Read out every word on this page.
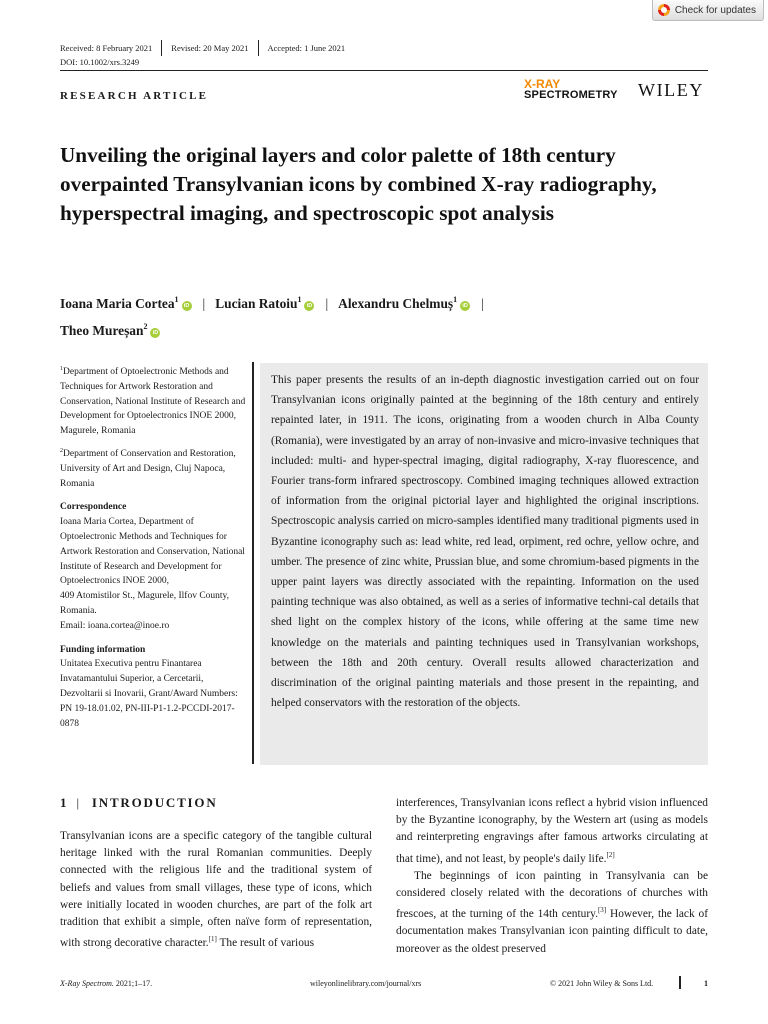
Check for updates
Received: 8 February 2021 Revised: 20 May 2021 Accepted: 1 June 2021
DOI: 10.1002/xrs.3249
RESEARCH ARTICLE
X-RAY
SPECTROMETRY WILEY
Unveiling the original layers and color palette of 18th century overpainted Transylvanian icons by combined X-ray radiography, hyperspectral imaging, and spectroscopic spot analysis
Ioana Maria Cortea$^1$iD | Lucian Ratoiu$^1$iD | Alexandru Chelmuș$^1$iD |
Theo Mureșan$^2$iD

$^1$Department of Optoelectronic Methods and Techniques for Artwork Restoration and Conservation, National Institute of Research and Development for Optoelectronics INOE 2000, Magurele, Romania

$^2$Department of Conservation and Restoration, University of Art and Design, Cluj Napoca, Romania

Correspondence

Ioana Maria Cortea, Department of Optoelectronic Methods and Techniques for Artwork Restoration and Conservation, National Institute of Research and Development for Optoelectronics INOE 2000,

409 Atomistilor St., Magurele, Ilfov County, Romania.

Email: ioana.cortea@inoe.ro

Funding information

Unitatea Executiva pentru Finantarea Invatamantului Superior, a Cercetarii, Dezvoltarii si Inovarii, Grant/Award Numbers: PN 19-18.01.02, PN-III-P1-1.2-PCCDI-2017-0878

This paper presents the results of an in-depth diagnostic investigation carried out on four Transylvanian icons originally painted at the beginning of the 18th century and entirely repainted later, in 1911. The icons, originating from a wooden church in Alba County (Romania), were investigated by an array of non-invasive and micro-invasive techniques that included: multi- and hyper-spectral imaging, digital radiography, X-ray fluorescence, and Fourier trans-form infrared spectroscopy. Combined imaging techniques allowed extraction of information from the original pictorial layer and highlighted the original inscriptions. Spectroscopic analysis carried on micro-samples identified many traditional pigments used in Byzantine iconography such as: lead white, red lead, orpiment, red ochre, yellow ochre, and umber. The presence of zinc white, Prussian blue, and some chromium-based pigments in the upper paint layers was directly associated with the repainting. Information on the used painting technique was also obtained, as well as a series of informative techni-cal details that shed light on the complex history of the icons, while offering at the same time new knowledge on the materials and painting techniques used in Transylvanian workshops, between the 18th and 20th century. Overall results allowed characterization and discrimination of the original painting materials and those present in the repainting, and helped conservators with the restoration of the objects.
1 | INTRODUCTION

Transylvanian icons are a specific category of the tangible cultural heritage linked with the rural Romanian communities. Deeply connected with the religious life and the traditional system of beliefs and values from small villages, these type of icons, which were initially located in wooden churches, are part of the folk art tradition that exhibit a simple, often naïve form of representation, with strong decorative character.[1] The result of various

interferences, Transylvanian icons reflect a hybrid vision influenced by the Byzantine iconography, by the Western art (using as models and reinterpreting engravings after famous artworks circulating at that time), and not least, by people's daily life.[2]

The beginnings of icon painting in Transylvania can be considered closely related with the decorations of churches with frescoes, at the turning of the 14th century.[3] However, the lack of documentation makes Transylvanian icon painting difficult to date, moreover as the oldest preserved

X-Ray Spectrom. 2021;1–17.	wileyonlinelibrary.com/journal/xrs	© 2021 John Wiley & Sons Ltd.	1
